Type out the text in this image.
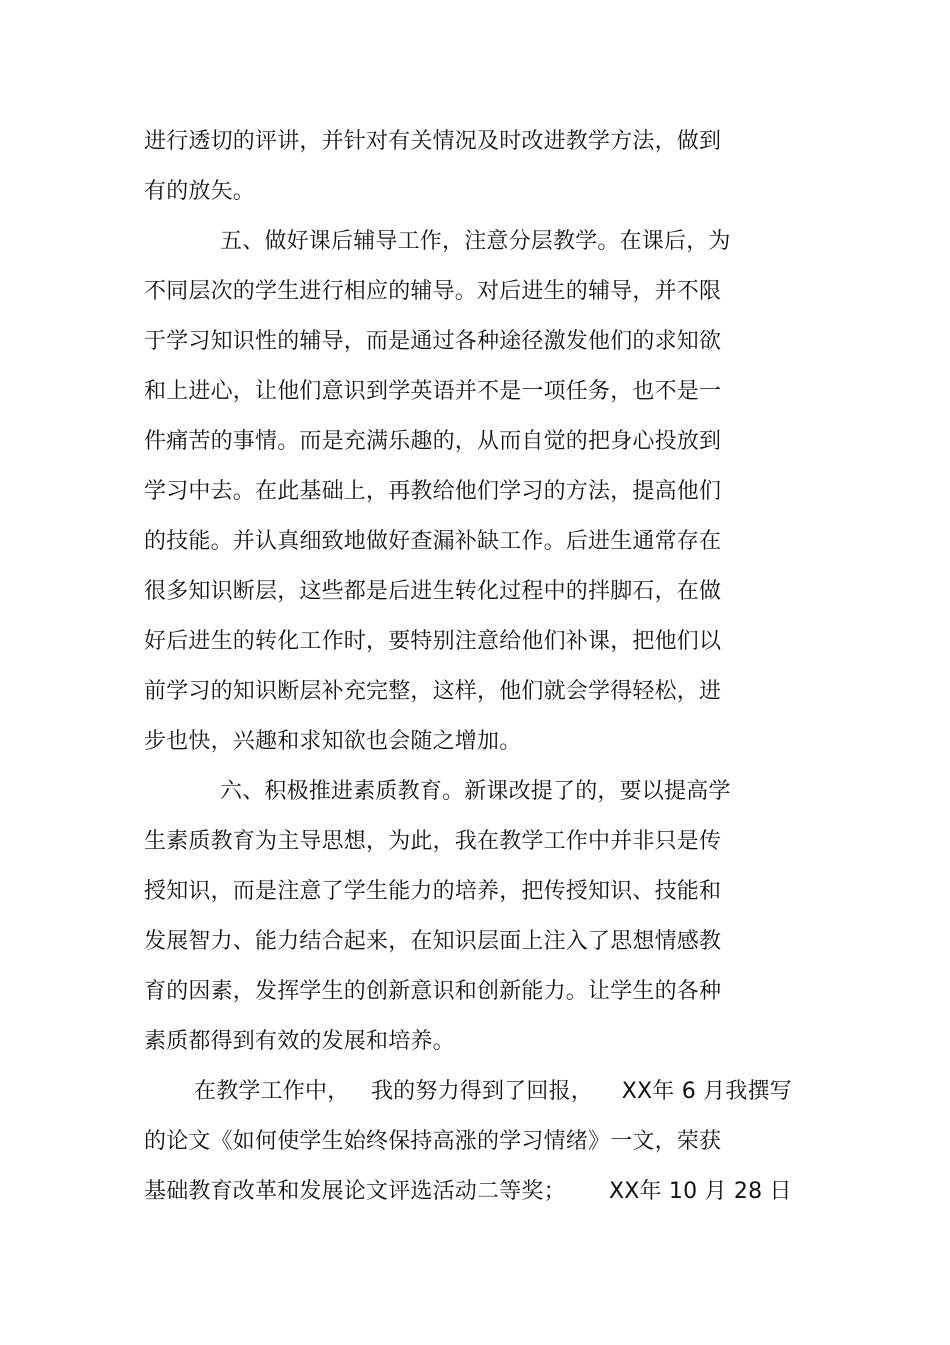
进行透切的评讲，并针对有关情况及时改进教学方法，做到
有的放矢。
五、做好课后辅导工作，注意分层教学。在课后，为
不同层次的学生进行相应的辅导。对后进生的辅导，并不限
于学习知识性的辅导，而是通过各种途径激发他们的求知欲
和上进心，让他们意识到学英语并不是一项任务，也不是一
件痛苦的事情。而是充满乐趣的，从而自觉的把身心投放到
学习中去。在此基础上，再教给他们学习的方法，提高他们
的技能。并认真细致地做好查漏补缺工作。后进生通常存在
很多知识断层，这些都是后进生转化过程中的拌脚石，在做
好后进生的转化工作时，要特别注意给他们补课，把他们以
前学习的知识断层补充完整，这样，他们就会学得轻松，进
步也快，兴趣和求知欲也会随之增加。
六、积极推进素质教育。新课改提了的，要以提高学
生素质教育为主导思想，为此，我在教学工作中并非只是传
授知识，而是注意了学生能力的培养，把传授知识、技能和
发展智力、能力结合起来，在知识层面上注入了思想情感教
育的因素，发挥学生的创新意识和创新能力。让学生的各种
素质都得到有效的发展和培养。
在教学工作中，   我的努力得到了回报，    XX年 6 月我撰写
的论文《如何使学生始终保持高涨的学习情绪》一文，荣获
基础教育改革和发展论文评选活动二等奖；      XX年 10 月 28 日
